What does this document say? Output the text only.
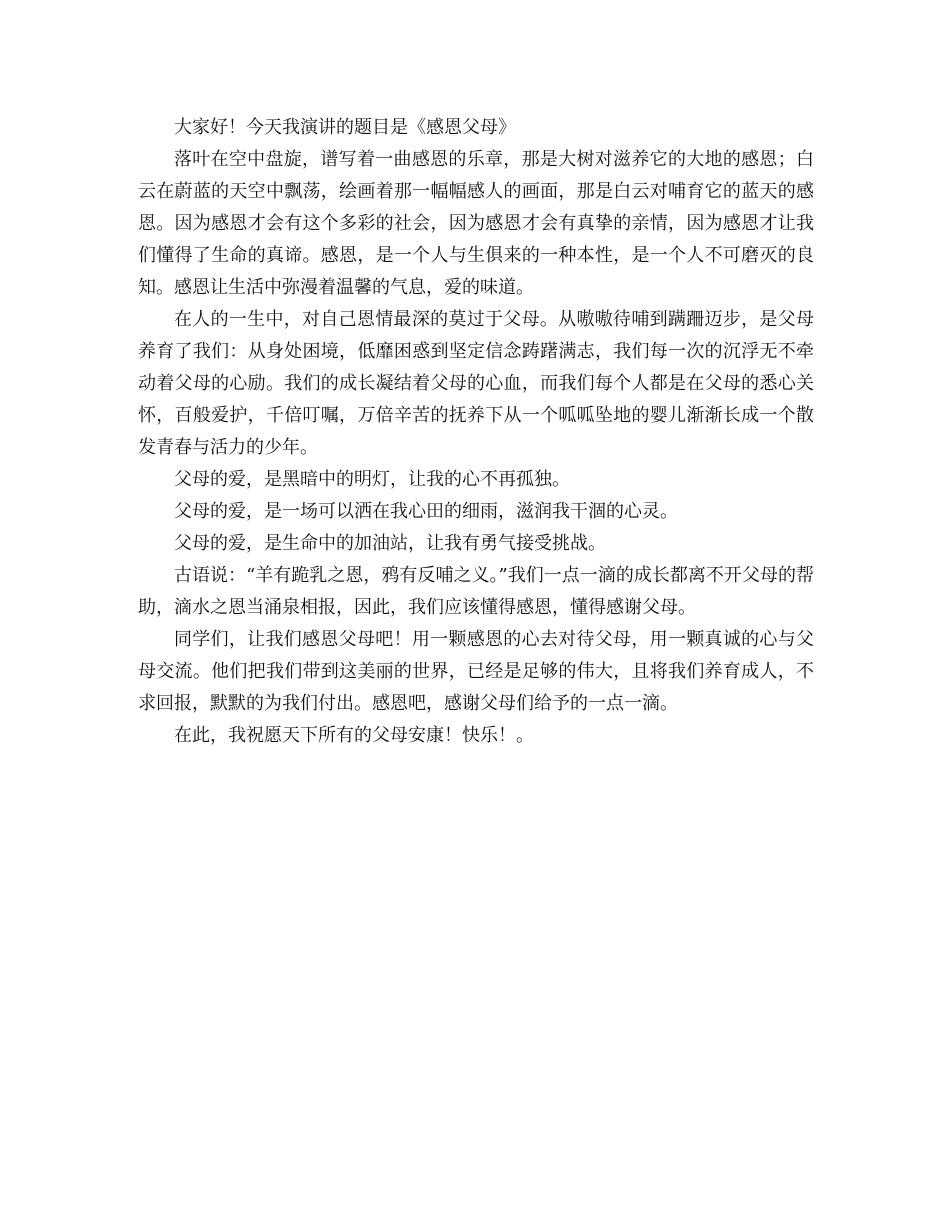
大家好！今天我演讲的题目是《感恩父母》

落叶在空中盘旋，谱写着一曲感恩的乐章，那是大树对滋养它的大地的感恩；白云在蔚蓝的天空中飘荡，绘画着那一幅幅感人的画面，那是白云对哺育它的蓝天的感恩。因为感恩才会有这个多彩的社会，因为感恩才会有真挚的亲情，因为感恩才让我们懂得了生命的真谛。感恩，是一个人与生俱来的一种本性，是一个人不可磨灭的良知。感恩让生活中弥漫着温馨的气息，爱的味道。

在人的一生中，对自己恩情最深的莫过于父母。从嗷嗷待哺到蹒跚迈步，是父母养育了我们：从身处困境，低靡困惑到坚定信念踌躇满志，我们每一次的沉浮无不牵动着父母的心励。我们的成长凝结着父母的心血，而我们每个人都是在父母的悉心关怀，百般爱护，千倍叮嘱，万倍辛苦的抚养下从一个呱呱坠地的婴儿渐渐长成一个散发青春与活力的少年。

父母的爱，是黑暗中的明灯，让我的心不再孤独。

父母的爱，是一场可以洒在我心田的细雨，滋润我干涸的心灵。

父母的爱，是生命中的加油站，让我有勇气接受挑战。

古语说：“羊有跪乳之恩，鸦有反哺之义。”我们一点一滴的成长都离不开父母的帮助，滴水之恩当涌泉相报，因此，我们应该懂得感恩，懂得感谢父母。

同学们，让我们感恩父母吧！用一颗感恩的心去对待父母，用一颗真诚的心与父母交流。他们把我们带到这美丽的世界，已经是足够的伟大，且将我们养育成人，不求回报，默默的为我们付出。感恩吧，感谢父母们给予的一点一滴。

在此，我祝愿天下所有的父母安康！快乐！。
